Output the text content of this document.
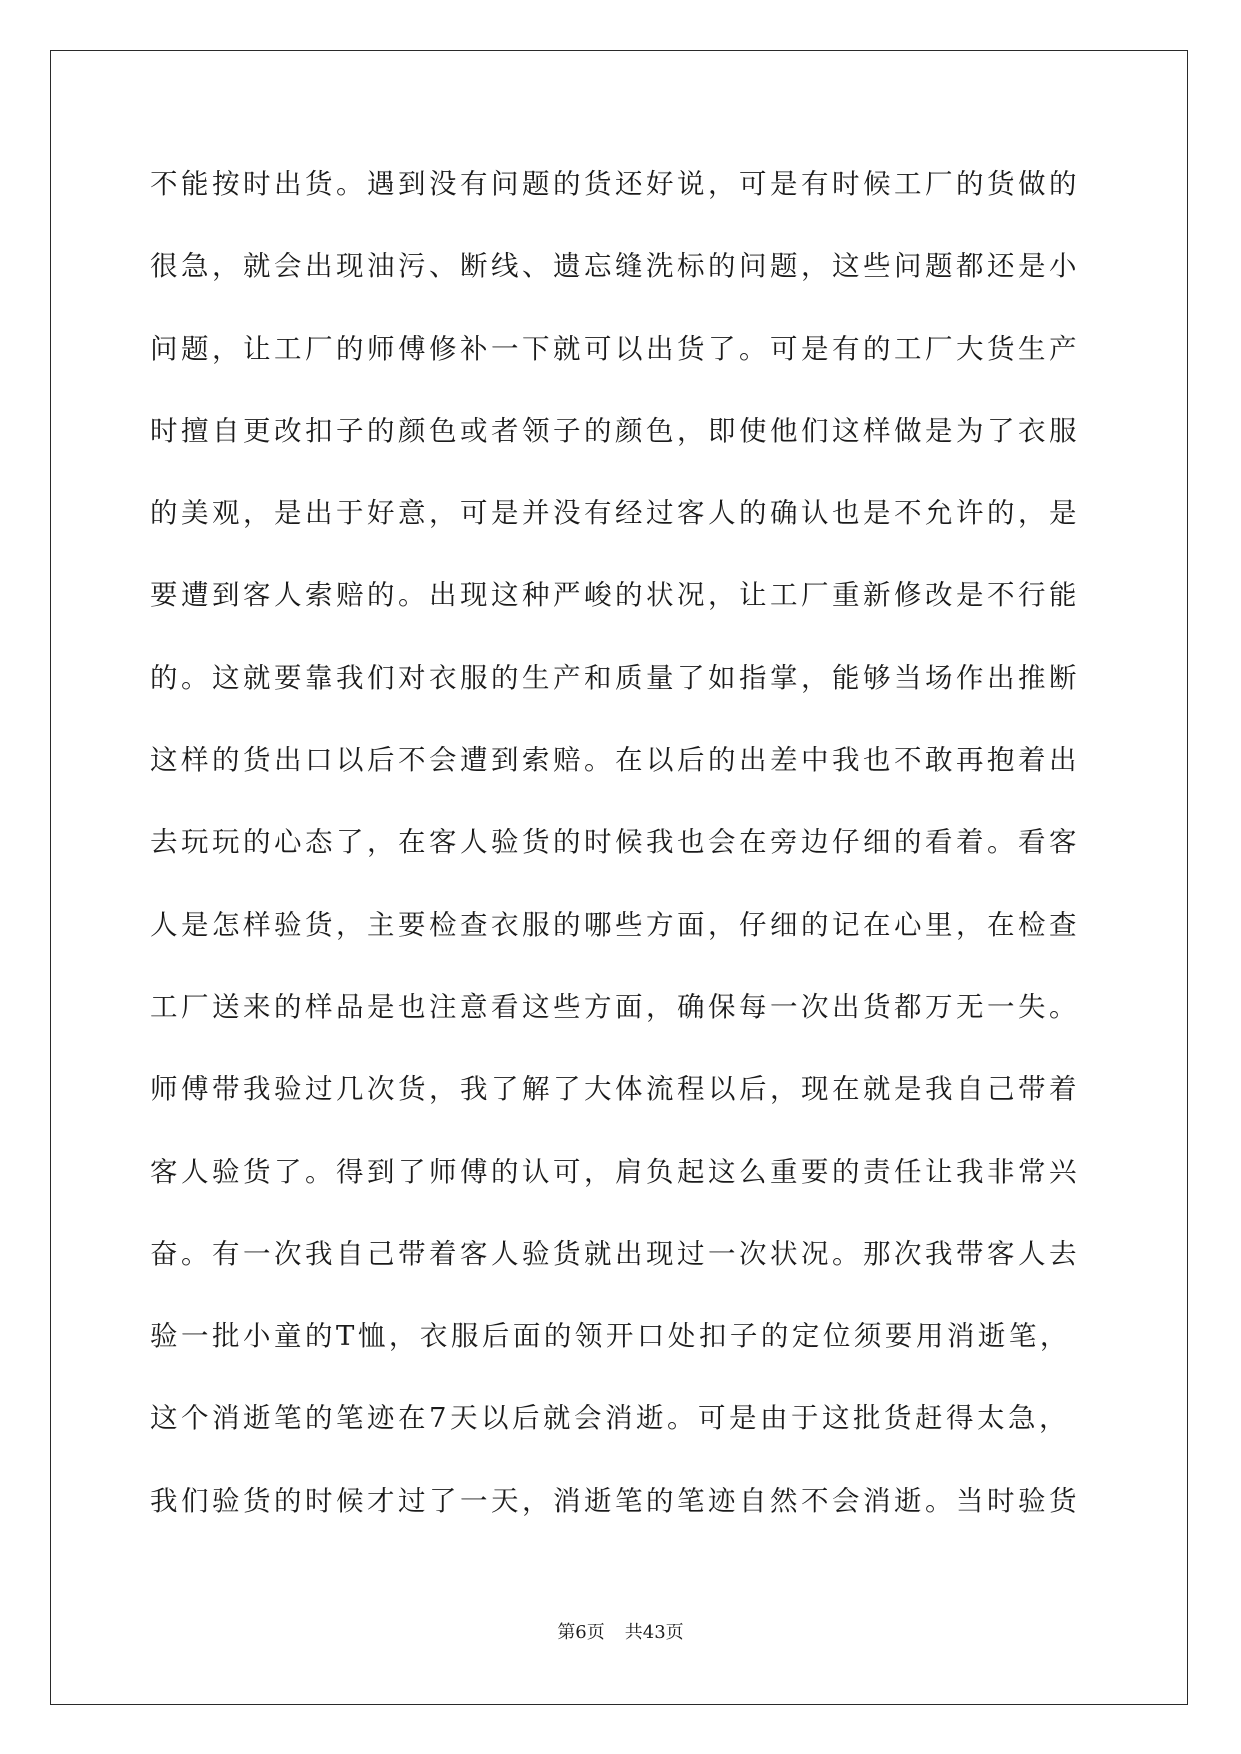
不能按时出货。遇到没有问题的货还好说，可是有时候工厂的货做的
很急，就会出现油污、断线、遗忘缝洗标的问题，这些问题都还是小
问题，让工厂的师傅修补一下就可以出货了。可是有的工厂大货生产
时擅自更改扣子的颜色或者领子的颜色，即使他们这样做是为了衣服
的美观，是出于好意，可是并没有经过客人的确认也是不允许的，是
要遭到客人索赔的。出现这种严峻的状况，让工厂重新修改是不行能
的。这就要靠我们对衣服的生产和质量了如指掌，能够当场作出推断
这样的货出口以后不会遭到索赔。在以后的出差中我也不敢再抱着出
去玩玩的心态了，在客人验货的时候我也会在旁边仔细的看着。看客
人是怎样验货，主要检查衣服的哪些方面，仔细的记在心里，在检查
工厂送来的样品是也注意看这些方面，确保每一次出货都万无一失。
师傅带我验过几次货，我了解了大体流程以后，现在就是我自己带着
客人验货了。得到了师傅的认可，肩负起这么重要的责任让我非常兴
奋。有一次我自己带着客人验货就出现过一次状况。那次我带客人去
验一批小童的T恤，衣服后面的领开口处扣子的定位须要用消逝笔，
这个消逝笔的笔迹在7天以后就会消逝。可是由于这批货赶得太急，
我们验货的时候才过了一天，消逝笔的笔迹自然不会消逝。当时验货
第6页 共43页
